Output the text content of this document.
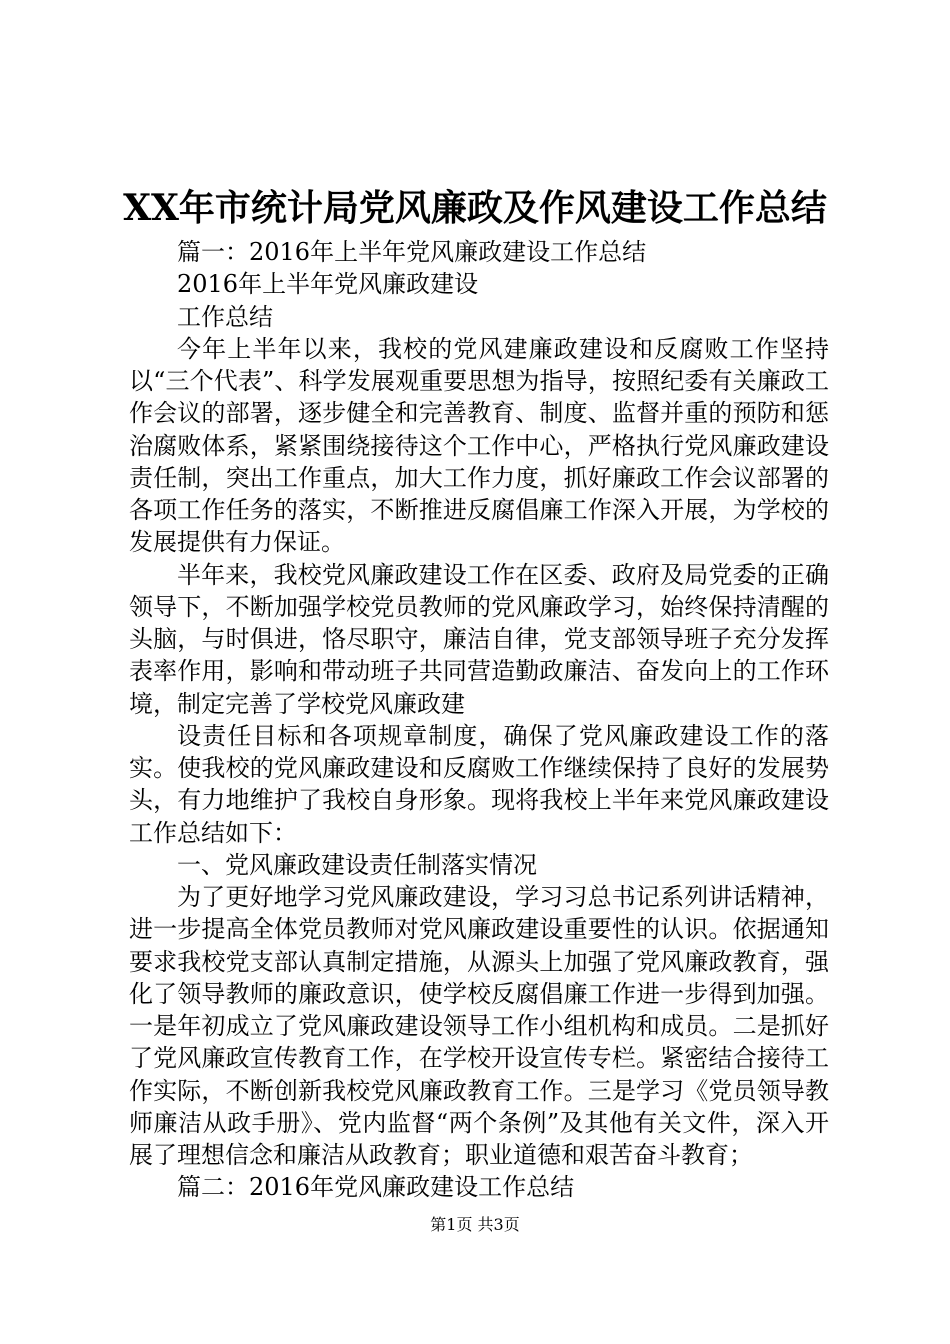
XX年市统计局党风廉政及作风建设工作总结

篇一：2016年上半年党风廉政建设工作总结

2016年上半年党风廉政建设

工作总结

今年上半年以来，我校的党风建廉政建设和反腐败工作坚持以“三个代表”、科学发展观重要思想为指导，按照纪委有关廉政工作会议的部署，逐步健全和完善教育、制度、监督并重的预防和惩治腐败体系，紧紧围绕接待这个工作中心，严格执行党风廉政建设责任制，突出工作重点，加大工作力度，抓好廉政工作会议部署的各项工作任务的落实，不断推进反腐倡廉工作深入开展，为学校的发展提供有力保证。

半年来，我校党风廉政建设工作在区委、政府及局党委的正确领导下，不断加强学校党员教师的党风廉政学习，始终保持清醒的头脑，与时俱进，恪尽职守，廉洁自律，党支部领导班子充分发挥表率作用，影响和带动班子共同营造勤政廉洁、奋发向上的工作环境，制定完善了学校党风廉政建

设责任目标和各项规章制度，确保了党风廉政建设工作的落实。使我校的党风廉政建设和反腐败工作继续保持了良好的发展势头，有力地维护了我校自身形象。现将我校上半年来党风廉政建设工作总结如下：

一、党风廉政建设责任制落实情况

为了更好地学习党风廉政建设，学习习总书记系列讲话精神，进一步提高全体党员教师对党风廉政建设重要性的认识。依据通知要求我校党支部认真制定措施，从源头上加强了党风廉政教育，强化了领导教师的廉政意识，使学校反腐倡廉工作进一步得到加强。一是年初成立了党风廉政建设领导工作小组机构和成员。二是抓好了党风廉政宣传教育工作，在学校开设宣传专栏。紧密结合接待工作实际，不断创新我校党风廉政教育工作。三是学习《党员领导教师廉洁从政手册》、党内监督“两个条例”及其他有关文件，深入开展了理想信念和廉洁从政教育；职业道德和艰苦奋斗教育；

篇二：2016年党风廉政建设工作总结

第1页 共3页
